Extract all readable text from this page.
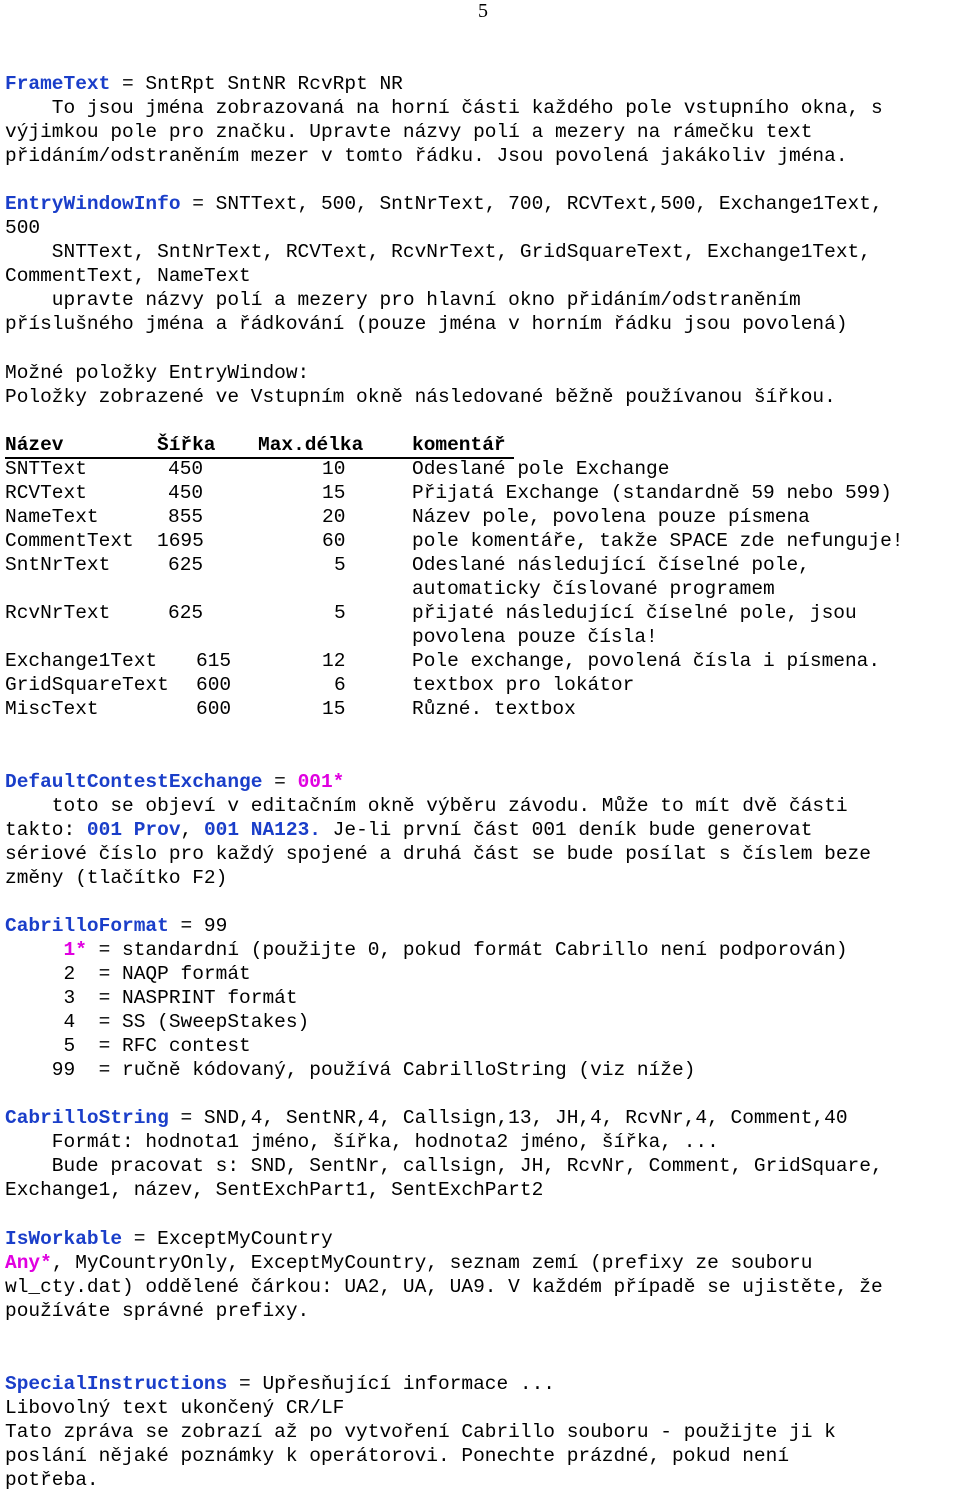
5
FrameText = SntRpt SntNR RcvRpt NR
To jsou jména zobrazovaná na horní části každého pole vstupního okna, s
výjimkou pole pro značku. Upravte názvy polí a mezery na rámečku text
přidáním/odstraněním mezer v tomto řádku. Jsou povolená jakákoliv jména.
EntryWindowInfo = SNTText, 500, SntNrText, 700, RCVText,500, Exchange1Text,
500
SNTText, SntNrText, RCVText, RcvNrText, GridSquareText, Exchange1Text,
CommentText, NameText
upravte názvy polí a mezery pro hlavní okno přidáním/odstraněním
příslušného jména a řádkování (pouze jména v horním řádku jsou povolená)
Možné položky EntryWindow:
Položky zobrazené ve Vstupním okně následované běžně používanou šířkou.
Název	Šířka Max.délka komentář
SNTText	450	10	Odeslané pole Exchange
RCVText	450	15	Přijatá Exchange (standardně 59 nebo 599)
NameText	855	20	Název pole, povolena pouze písmena
CommentText 1695	60	pole komentáře, takže SPACE zde nefunguje!
SntNrText	625	5	Odeslané následující číselné pole,
automaticky číslované programem
RcvNrText	625	5	přijaté následující číselné pole, jsou
povolena pouze čísla!
Exchange1Text 615	12	Pole exchange, povolená čísla i písmena.
GridSquareText 600	6	textbox pro lokátor
MiscText	600	15	Různé. textbox
DefaultContestExchange = 001*
toto se objeví v editačním okně výběru závodu. Může to mít dvě části
takto: 001 Prov, 001 NA123. Je-li první část 001 deník bude generovat
sériové číslo pro každý spojené a druhá část se bude posílat s číslem beze
změny (tlačítko F2)
CabrilloFormat = 99
1* = standardní (použijte 0, pokud formát Cabrillo není podporován)
2  = NAQP formát
3  = NASPRINT formát
4  = SS (SweepStakes)
5  = RFC contest
99  = ručně kódovaný, používá CabrilloString (viz níže)
CabrilloString = SND,4, SentNR,4, Callsign,13, JH,4, RcvNr,4, Comment,40
Formát: hodnota1 jméno, šířka, hodnota2 jméno, šířka, ...
Bude pracovat s: SND, SentNr, callsign, JH, RcvNr, Comment, GridSquare,
Exchange1, název, SentExchPart1, SentExchPart2
IsWorkable = ExceptMyCountry
Any*, MyCountryOnly, ExceptMyCountry, seznam zemí (prefixy ze souboru
wl_cty.dat) oddělené čárkou: UA2, UA, UA9. V každém případě se ujistěte, že
používáte správné prefixy.
SpecialInstructions = Upřesňující informace ...
Libovolný text ukončený CR/LF
Tato zpráva se zobrazí až po vytvoření Cabrillo souboru - použijte ji k
poslání nějaké poznámky k operátorovi. Ponechte prázdné, pokud není
potřeba.
